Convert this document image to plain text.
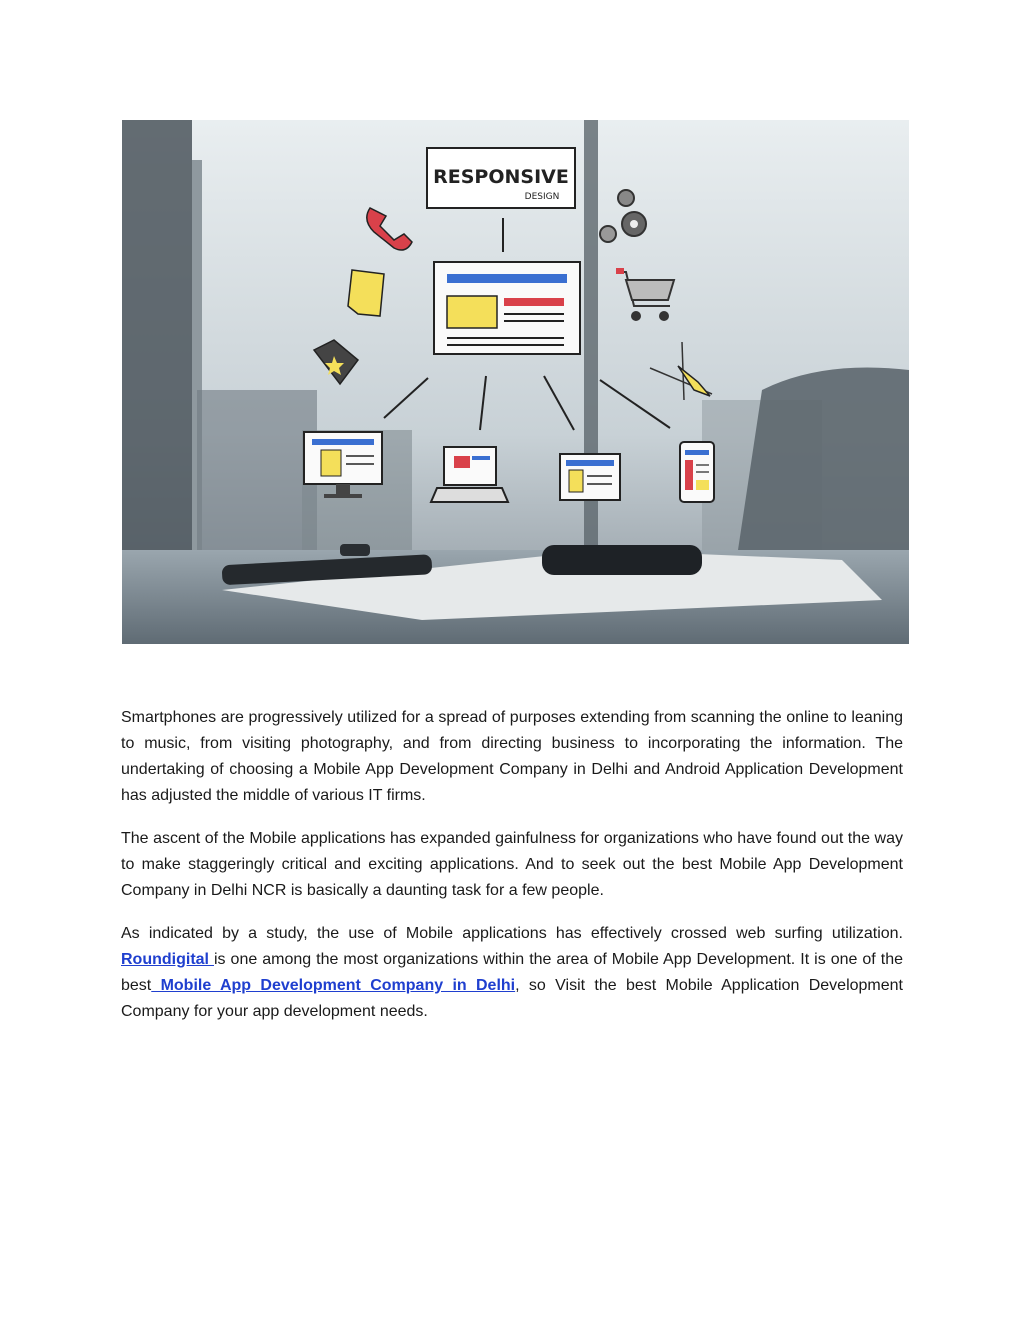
RESPONSIVE
DESIGN

Smartphones are progressively utilized for a spread of purposes extending from scanning the online to leaning to music, from visiting photography, and from directing business to incorporating the information. The undertaking of choosing a Mobile App Development Company in Delhi and Android Application Development has adjusted the middle of various IT firms.

The ascent of the Mobile applications has expanded gainfulness for organizations who have found out the way to make staggeringly critical and exciting applications. And to seek out the best Mobile App Development Company in Delhi NCR is basically a daunting task for a few people.

As indicated by a study, the use of Mobile applications has effectively crossed web surfing utilization. Roundigital is one among the most organizations within the area of Mobile App Development. It is one of the best Mobile App Development Company in Delhi, so Visit the best Mobile Application Development Company for your app development needs.
